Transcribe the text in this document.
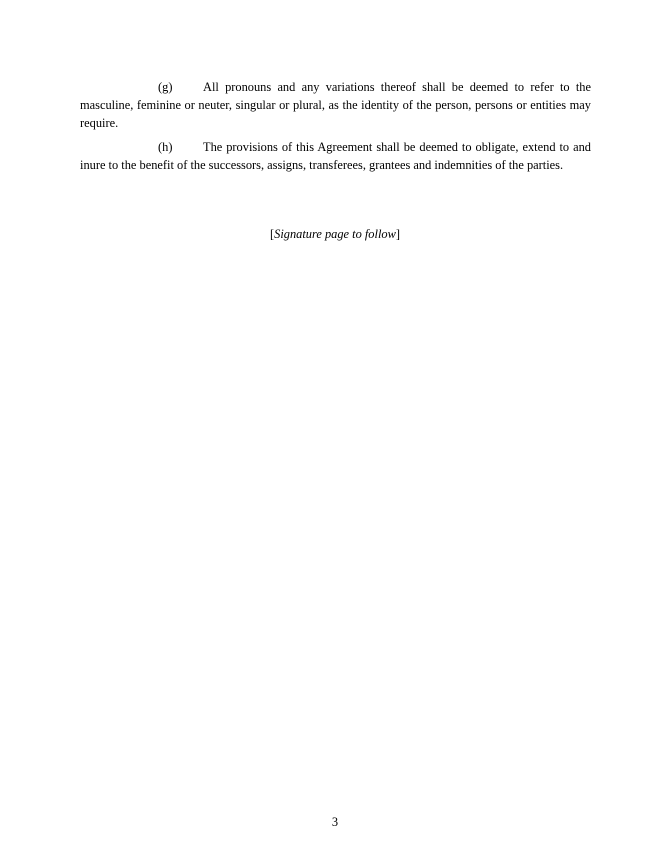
(g) All pronouns and any variations thereof shall be deemed to refer to the masculine, feminine or neuter, singular or plural, as the identity of the person, persons or entities may require.

(h) The provisions of this Agreement shall be deemed to obligate, extend to and inure to the benefit of the successors, assigns, transferees, grantees and indemnities of the parties.

[Signature page to follow]
3
